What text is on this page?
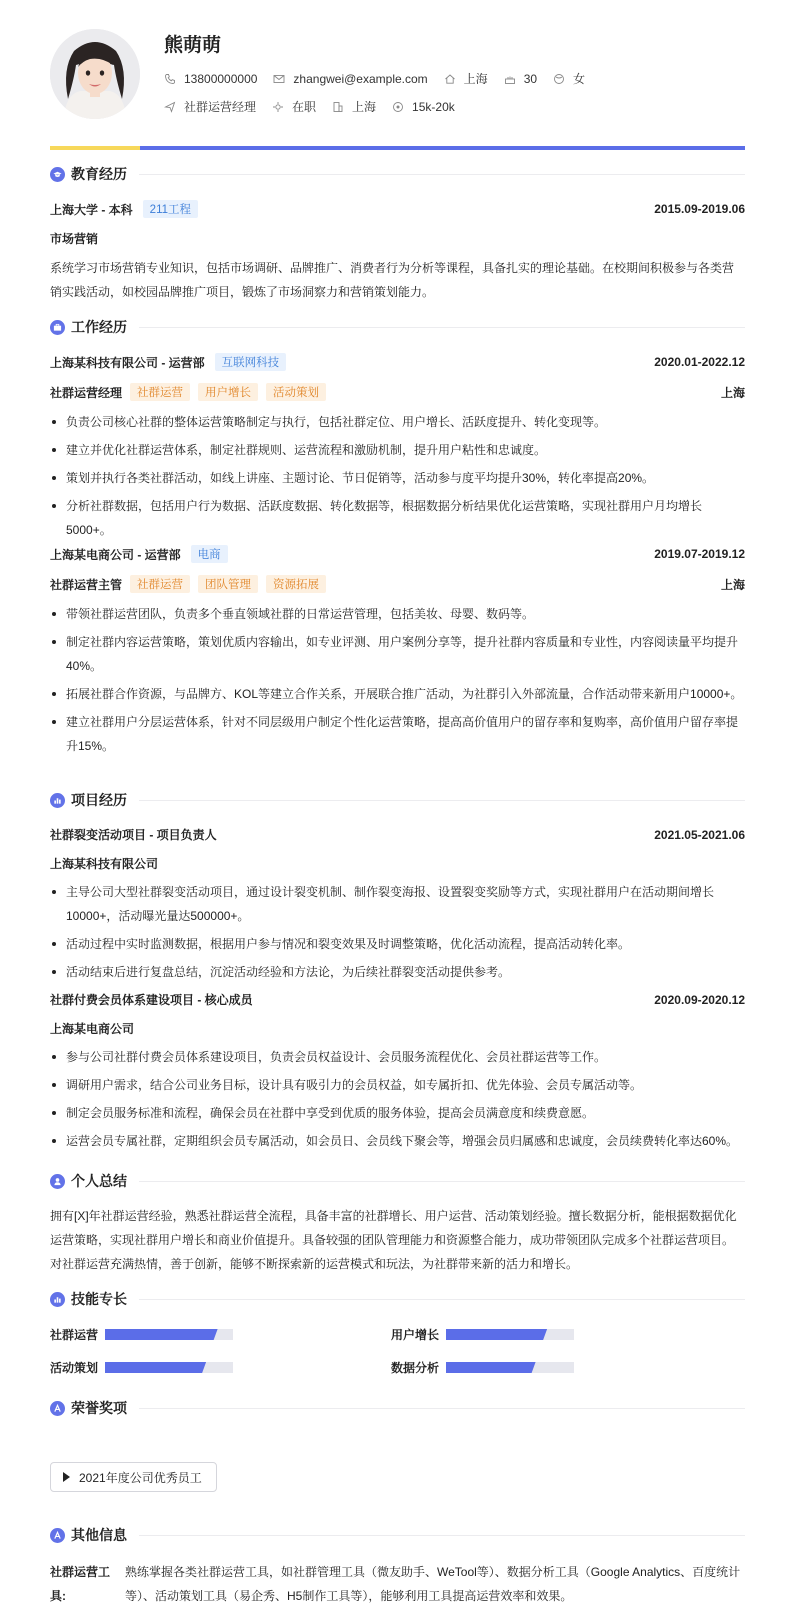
熊萌萌
13800000000	zhangwei@example.com	上海	30	女
社群运营经理	在职	上海	15k-20k
教育经历
上海大学 - 本科	211工程	2015.09-2019.06
市场营销
系统学习市场营销专业知识，包括市场调研、品牌推广、消费者行为分析等课程，具备扎实的理论基础。在校期间积极参与各类营销实践活动，如校园品牌推广项目，锻炼了市场洞察力和营销策划能力。
工作经历
上海某科技有限公司 - 运营部	互联网科技	2020.01-2022.12
社群运营经理	社群运营	用户增长	活动策划	上海
负责公司核心社群的整体运营策略制定与执行，包括社群定位、用户增长、活跃度提升、转化变现等。
建立并优化社群运营体系，制定社群规则、运营流程和激励机制，提升用户粘性和忠诚度。
策划并执行各类社群活动，如线上讲座、主题讨论、节日促销等，活动参与度平均提升30%，转化率提高20%。
分析社群数据，包括用户行为数据、活跃度数据、转化数据等，根据数据分析结果优化运营策略，实现社群用户月均增长5000+。
上海某电商公司 - 运营部	电商	2019.07-2019.12
社群运营主管	社群运营	团队管理	资源拓展	上海
带领社群运营团队，负责多个垂直领域社群的日常运营管理，包括美妆、母婴、数码等。
制定社群内容运营策略，策划优质内容输出，如专业评测、用户案例分享等，提升社群内容质量和专业性，内容阅读量平均提升40%。
拓展社群合作资源，与品牌方、KOL等建立合作关系，开展联合推广活动，为社群引入外部流量，合作活动带来新用户10000+。
建立社群用户分层运营体系，针对不同层级用户制定个性化运营策略，提高高价值用户的留存率和复购率，高价值用户留存率提升15%。
项目经历
社群裂变活动项目 - 项目负责人	2021.05-2021.06
上海某科技有限公司
主导公司大型社群裂变活动项目，通过设计裂变机制、制作裂变海报、设置裂变奖励等方式，实现社群用户在活动期间增长10000+，活动曝光量达500000+。
活动过程中实时监测数据，根据用户参与情况和裂变效果及时调整策略，优化活动流程，提高活动转化率。
活动结束后进行复盘总结，沉淀活动经验和方法论，为后续社群裂变活动提供参考。
社群付费会员体系建设项目 - 核心成员	2020.09-2020.12
上海某电商公司
参与公司社群付费会员体系建设项目，负责会员权益设计、会员服务流程优化、会员社群运营等工作。
调研用户需求，结合公司业务目标，设计具有吸引力的会员权益，如专属折扣、优先体验、会员专属活动等。
制定会员服务标准和流程，确保会员在社群中享受到优质的服务体验，提高会员满意度和续费意愿。
运营会员专属社群，定期组织会员专属活动，如会员日、会员线下聚会等，增强会员归属感和忠诚度，会员续费转化率达60%。
个人总结
拥有[X]年社群运营经验，熟悉社群运营全流程，具备丰富的社群增长、用户运营、活动策划经验。擅长数据分析，能根据数据优化运营策略，实现社群用户增长和商业价值提升。具备较强的团队管理能力和资源整合能力，成功带领团队完成多个社群运营项目。对社群运营充满热情，善于创新，能够不断探索新的运营模式和玩法，为社群带来新的活力和增长。
技能专长
社群运营	用户增长
活动策划	数据分析
荣誉奖项
2021年度公司优秀员工
其他信息
社群运营工具:
熟练掌握各类社群运营工具，如社群管理工具（微友助手、WeTool等）、数据分析工具（Google Analytics、百度统计等）、活动策划工具（易企秀、H5制作工具等），能够利用工具提高运营效率和效果。
